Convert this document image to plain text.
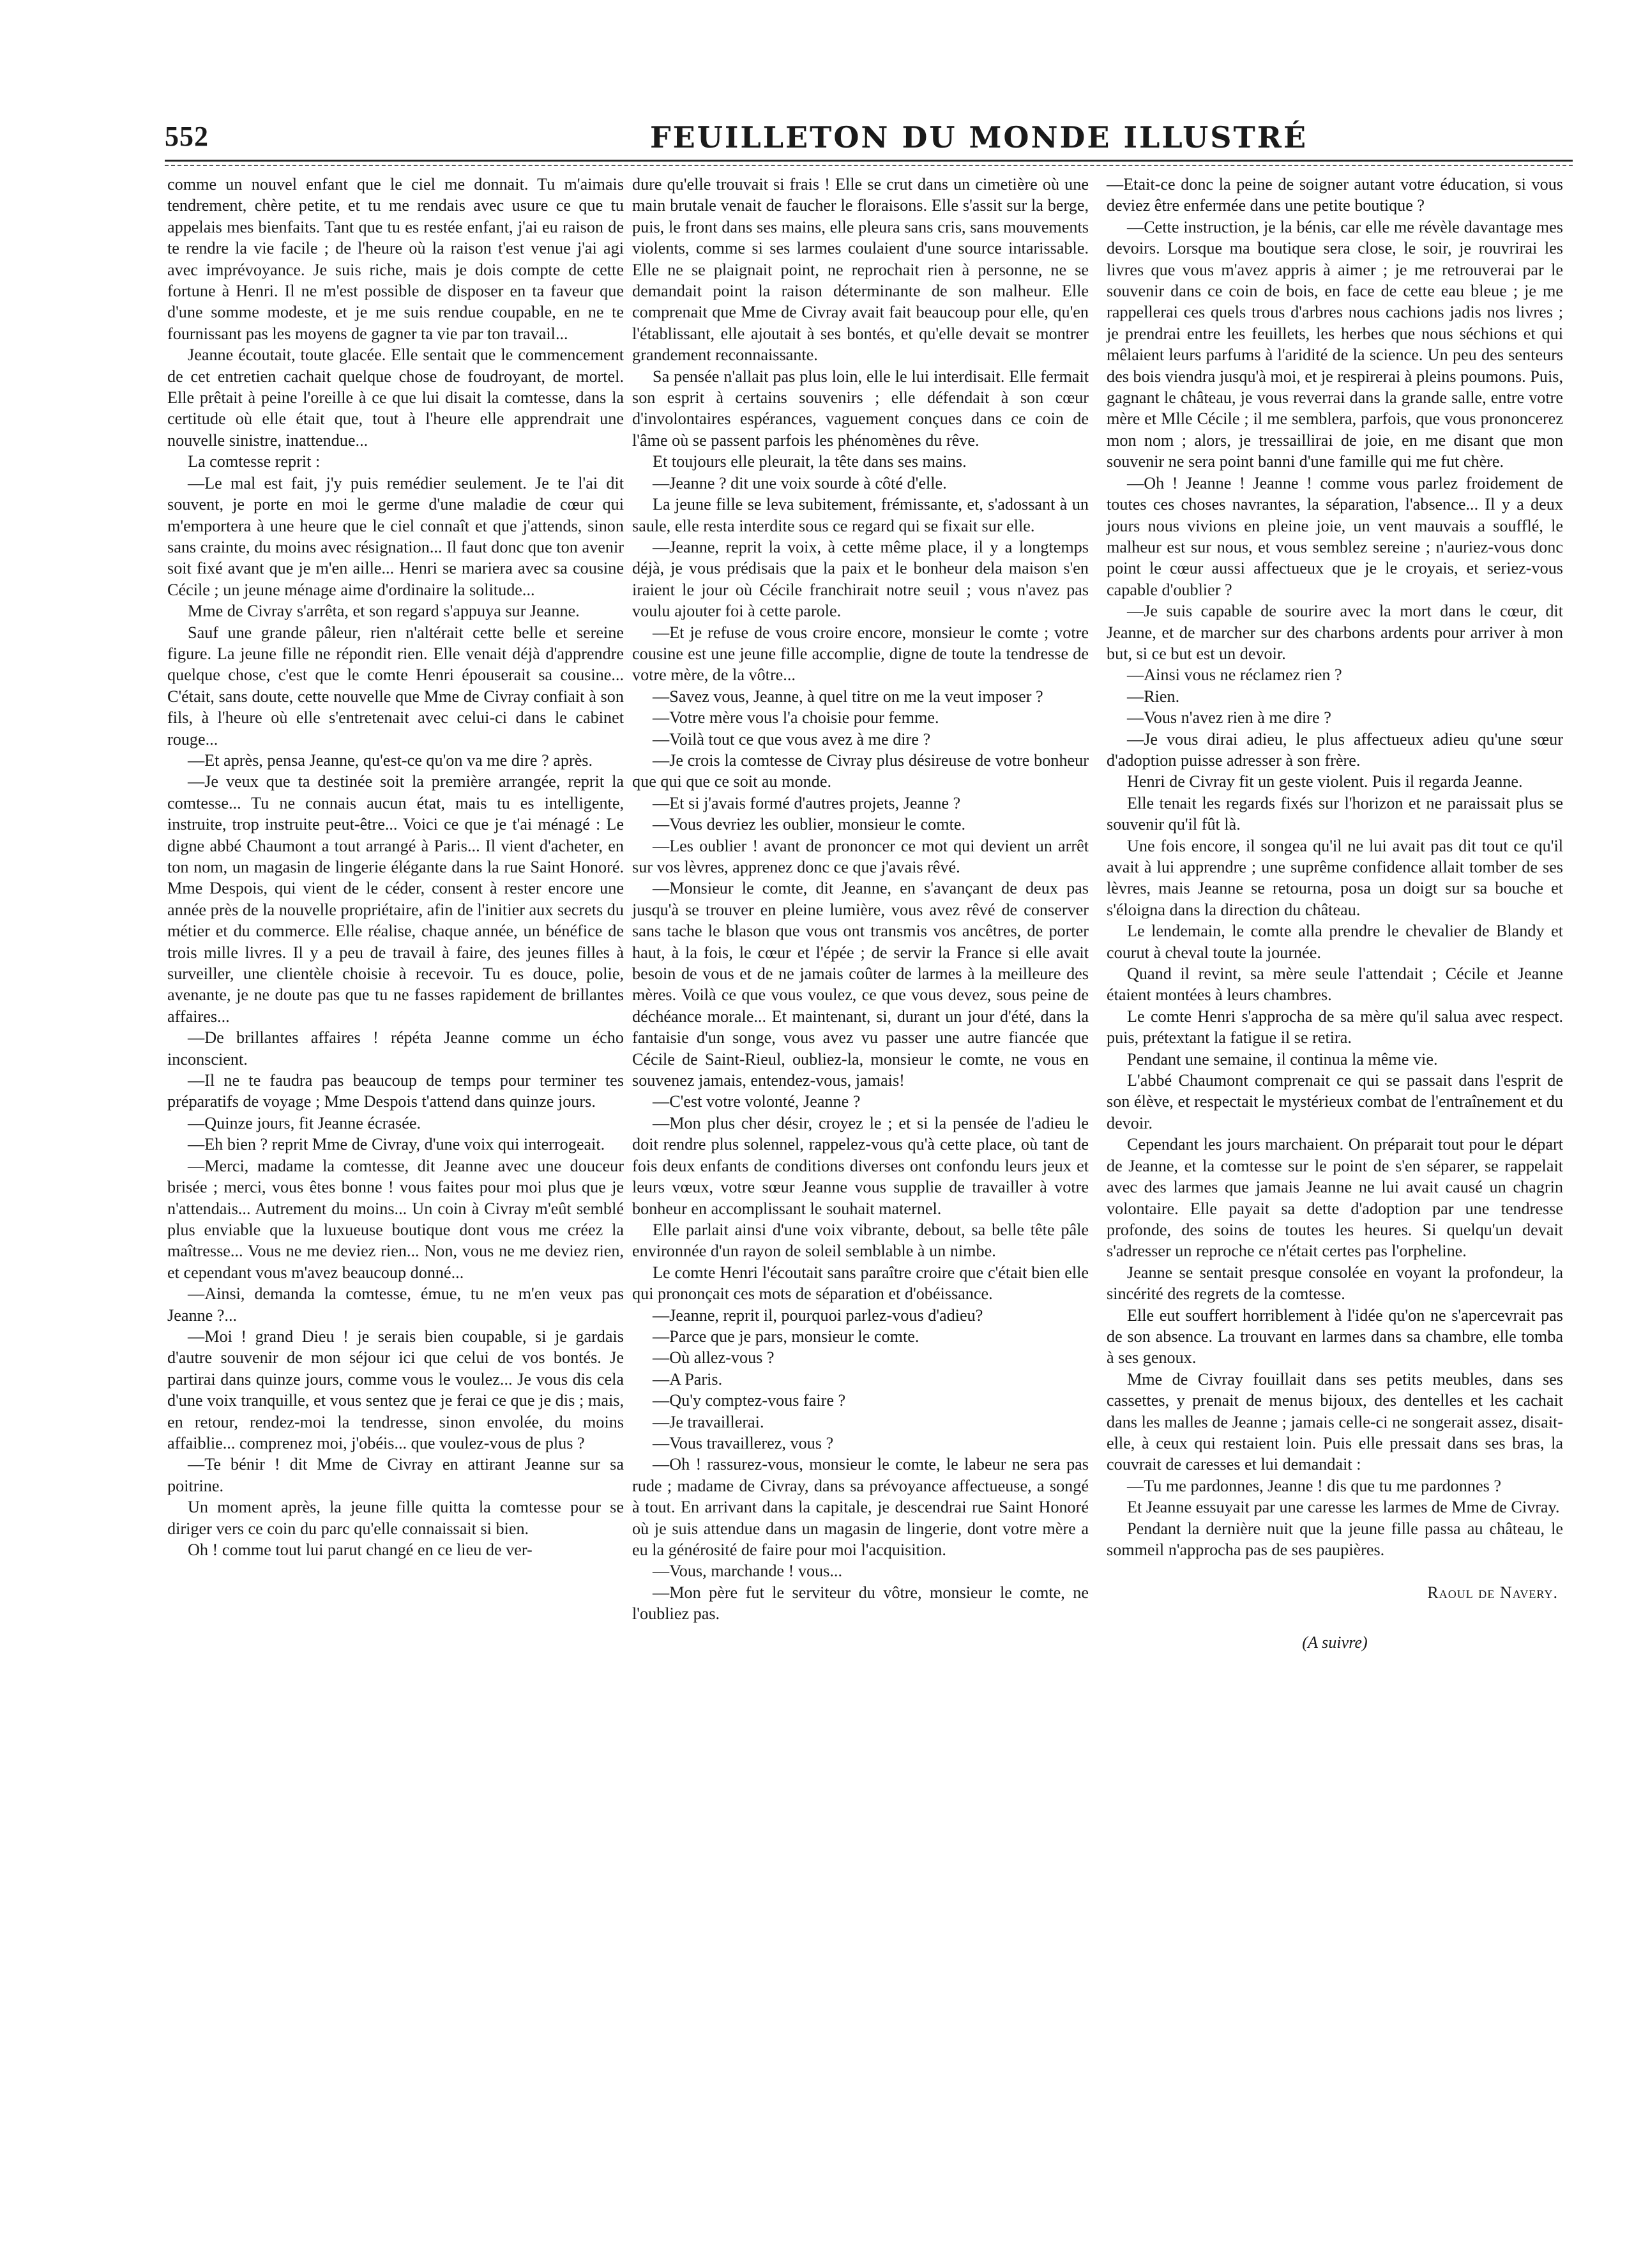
552	FEUILLETON DU MONDE ILLUSTRÉ

comme un nouvel enfant que le ciel me donnait. Tu m'aimais tendrement, chère petite, et tu me rendais avec usure ce que tu appelais mes bienfaits. Tant que tu es restée enfant, j'ai eu raison de te rendre la vie facile ; de l'heure où la raison t'est venue j'ai agi avec imprévoyance. Je suis riche, mais je dois compte de cette fortune à Henri. Il ne m'est possible de disposer en ta faveur que d'une somme modeste, et je me suis rendue coupable, en ne te fournissant pas les moyens de gagner ta vie par ton travail...

Jeanne écoutait, toute glacée. Elle sentait que le commencement de cet entretien cachait quelque chose de foudroyant, de mortel. Elle prêtait à peine l'oreille à ce que lui disait la comtesse, dans la certitude où elle était que, tout à l'heure elle apprendrait une nouvelle sinistre, inattendue...

La comtesse reprit :

—Le mal est fait, j'y puis remédier seulement. Je te l'ai dit souvent, je porte en moi le germe d'une maladie de cœur qui m'emportera à une heure que le ciel connaît et que j'attends, sinon sans crainte, du moins avec résignation... Il faut donc que ton avenir soit fixé avant que je m'en aille... Henri se mariera avec sa cousine Cécile ; un jeune ménage aime d'ordinaire la solitude...

Mme de Civray s'arrêta, et son regard s'appuya sur Jeanne.

Sauf une grande pâleur, rien n'altérait cette belle et sereine figure. La jeune fille ne répondit rien. Elle venait déjà d'apprendre quelque chose, c'est que le comte Henri épouserait sa cousine... C'était, sans doute, cette nouvelle que Mme de Civray confiait à son fils, à l'heure où elle s'entretenait avec celui-ci dans le cabinet rouge...

—Et après, pensa Jeanne, qu'est-ce qu'on va me dire ? après.

—Je veux que ta destinée soit la première arrangée, reprit la comtesse... Tu ne connais aucun état, mais tu es intelligente, instruite, trop instruite peut-être... Voici ce que je t'ai ménagé : Le digne abbé Chaumont a tout arrangé à Paris... Il vient d'acheter, en ton nom, un magasin de lingerie élégante dans la rue Saint Honoré. Mme Despois, qui vient de le céder, consent à rester encore une année près de la nouvelle propriétaire, afin de l'initier aux secrets du métier et du commerce. Elle réalise, chaque année, un bénéfice de trois mille livres. Il y a peu de travail à faire, des jeunes filles à surveiller, une clientèle choisie à recevoir. Tu es douce, polie, avenante, je ne doute pas que tu ne fasses rapidement de brillantes affaires...

—De brillantes affaires ! répéta Jeanne comme un écho inconscient.

—Il ne te faudra pas beaucoup de temps pour terminer tes préparatifs de voyage ; Mme Despois t'attend dans quinze jours.

—Quinze jours, fit Jeanne écrasée.

—Eh bien ? reprit Mme de Civray, d'une voix qui interrogeait.

—Merci, madame la comtesse, dit Jeanne avec une douceur brisée ; merci, vous êtes bonne ! vous faites pour moi plus que je n'attendais... Autrement du moins... Un coin à Civray m'eût semblé plus enviable que la luxueuse boutique dont vous me créez la maîtresse... Vous ne me deviez rien... Non, vous ne me deviez rien, et cependant vous m'avez beaucoup donné...

—Ainsi, demanda la comtesse, émue, tu ne m'en veux pas Jeanne ?...

—Moi ! grand Dieu ! je serais bien coupable, si je gardais d'autre souvenir de mon séjour ici que celui de vos bontés. Je partirai dans quinze jours, comme vous le voulez... Je vous dis cela d'une voix tranquille, et vous sentez que je ferai ce que je dis ; mais, en retour, rendez-moi la tendresse, sinon envolée, du moins affaiblie... comprenez moi, j'obéis... que voulez-vous de plus ?

—Te bénir ! dit Mme de Civray en attirant Jeanne sur sa poitrine.

Un moment après, la jeune fille quitta la comtesse pour se diriger vers ce coin du parc qu'elle connaissait si bien.

Oh ! comme tout lui parut changé en ce lieu de ver-

dure qu'elle trouvait si frais ! Elle se crut dans un cimetière où une main brutale venait de faucher le floraisons. Elle s'assit sur la berge, puis, le front dans ses mains, elle pleura sans cris, sans mouvements violents, comme si ses larmes coulaient d'une source intarissable. Elle ne se plaignait point, ne reprochait rien à personne, ne se demandait point la raison déterminante de son malheur. Elle comprenait que Mme de Civray avait fait beaucoup pour elle, qu'en l'établissant, elle ajoutait à ses bontés, et qu'elle devait se montrer grandement reconnaissante.

Sa pensée n'allait pas plus loin, elle le lui interdisait. Elle fermait son esprit à certains souvenirs ; elle défendait à son cœur d'involontaires espérances, vaguement conçues dans ce coin de l'âme où se passent parfois les phénomènes du rêve.

Et toujours elle pleurait, la tête dans ses mains.

—Jeanne ? dit une voix sourde à côté d'elle.

La jeune fille se leva subitement, frémissante, et, s'adossant à un saule, elle resta interdite sous ce regard qui se fixait sur elle.

—Jeanne, reprit la voix, à cette même place, il y a longtemps déjà, je vous prédisais que la paix et le bonheur dela maison s'en iraient le jour où Cécile franchirait notre seuil ; vous n'avez pas voulu ajouter foi à cette parole.

—Et je refuse de vous croire encore, monsieur le comte ; votre cousine est une jeune fille accomplie, digne de toute la tendresse de votre mère, de la vôtre...

—Savez vous, Jeanne, à quel titre on me la veut imposer ?

—Votre mère vous l'a choisie pour femme.

—Voilà tout ce que vous avez à me dire ?

—Je crois la comtesse de Civray plus désireuse de votre bonheur que qui que ce soit au monde.

—Et si j'avais formé d'autres projets, Jeanne ?

—Vous devriez les oublier, monsieur le comte.

—Les oublier ! avant de prononcer ce mot qui devient un arrêt sur vos lèvres, apprenez donc ce que j'avais rêvé.

—Monsieur le comte, dit Jeanne, en s'avançant de deux pas jusqu'à se trouver en pleine lumière, vous avez rêvé de conserver sans tache le blason que vous ont transmis vos ancêtres, de porter haut, à la fois, le cœur et l'épée ; de servir la France si elle avait besoin de vous et de ne jamais coûter de larmes à la meilleure des mères. Voilà ce que vous voulez, ce que vous devez, sous peine de déchéance morale... Et maintenant, si, durant un jour d'été, dans la fantaisie d'un songe, vous avez vu passer une autre fiancée que Cécile de Saint-Rieul, oubliez-la, monsieur le comte, ne vous en souvenez jamais, entendez-vous, jamais!

—C'est votre volonté, Jeanne ?

—Mon plus cher désir, croyez le ; et si la pensée de l'adieu le doit rendre plus solennel, rappelez-vous qu'à cette place, où tant de fois deux enfants de conditions diverses ont confondu leurs jeux et leurs vœux, votre sœur Jeanne vous supplie de travailler à votre bonheur en accomplissant le souhait maternel.

Elle parlait ainsi d'une voix vibrante, debout, sa belle tête pâle environnée d'un rayon de soleil semblable à un nimbe.

Le comte Henri l'écoutait sans paraître croire que c'était bien elle qui prononçait ces mots de séparation et d'obéissance.

—Jeanne, reprit il, pourquoi parlez-vous d'adieu?

—Parce que je pars, monsieur le comte.

—Où allez-vous ?

—A Paris.

—Qu'y comptez-vous faire ?

—Je travaillerai.

—Vous travaillerez, vous ?

—Oh ! rassurez-vous, monsieur le comte, le labeur ne sera pas rude ; madame de Civray, dans sa prévoyance affectueuse, a songé à tout. En arrivant dans la capitale, je descendrai rue Saint Honoré où je suis attendue dans un magasin de lingerie, dont votre mère a eu la générosité de faire pour moi l'acquisition.

—Vous, marchande ! vous...

—Mon père fut le serviteur du vôtre, monsieur le comte, ne l'oubliez pas.

—Etait-ce donc la peine de soigner autant votre éducation, si vous deviez être enfermée dans une petite boutique ?

—Cette instruction, je la bénis, car elle me révèle davantage mes devoirs. Lorsque ma boutique sera close, le soir, je rouvrirai les livres que vous m'avez appris à aimer ; je me retrouverai par le souvenir dans ce coin de bois, en face de cette eau bleue ; je me rappellerai ces quels trous d'arbres nous cachions jadis nos livres ; je prendrai entre les feuillets, les herbes que nous séchions et qui mêlaient leurs parfums à l'aridité de la science. Un peu des senteurs des bois viendra jusqu'à moi, et je respirerai à pleins poumons. Puis, gagnant le château, je vous reverrai dans la grande salle, entre votre mère et Mlle Cécile ; il me semblera, parfois, que vous prononcerez mon nom ; alors, je tressaillirai de joie, en me disant que mon souvenir ne sera point banni d'une famille qui me fut chère.

—Oh ! Jeanne ! Jeanne ! comme vous parlez froidement de toutes ces choses navrantes, la séparation, l'absence... Il y a deux jours nous vivions en pleine joie, un vent mauvais a soufflé, le malheur est sur nous, et vous semblez sereine ; n'auriez-vous donc point le cœur aussi affectueux que je le croyais, et seriez-vous capable d'oublier ?

—Je suis capable de sourire avec la mort dans le cœur, dit Jeanne, et de marcher sur des charbons ardents pour arriver à mon but, si ce but est un devoir.

—Ainsi vous ne réclamez rien ?

—Rien.

—Vous n'avez rien à me dire ?

—Je vous dirai adieu, le plus affectueux adieu qu'une sœur d'adoption puisse adresser à son frère.

Henri de Civray fit un geste violent. Puis il regarda Jeanne.

Elle tenait les regards fixés sur l'horizon et ne paraissait plus se souvenir qu'il fût là.

Une fois encore, il songea qu'il ne lui avait pas dit tout ce qu'il avait à lui apprendre ; une suprême confidence allait tomber de ses lèvres, mais Jeanne se retourna, posa un doigt sur sa bouche et s'éloigna dans la direction du château.

Le lendemain, le comte alla prendre le chevalier de Blandy et courut à cheval toute la journée.

Quand il revint, sa mère seule l'attendait ; Cécile et Jeanne étaient montées à leurs chambres.

Le comte Henri s'approcha de sa mère qu'il salua avec respect. puis, prétextant la fatigue il se retira.

Pendant une semaine, il continua la même vie.

L'abbé Chaumont comprenait ce qui se passait dans l'esprit de son élève, et respectait le mystérieux combat de l'entraînement et du devoir.

Cependant les jours marchaient. On préparait tout pour le départ de Jeanne, et la comtesse sur le point de s'en séparer, se rappelait avec des larmes que jamais Jeanne ne lui avait causé un chagrin volontaire. Elle payait sa dette d'adoption par une tendresse profonde, des soins de toutes les heures. Si quelqu'un devait s'adresser un reproche ce n'était certes pas l'orpheline.

Jeanne se sentait presque consolée en voyant la profondeur, la sincérité des regrets de la comtesse.

Elle eut souffert horriblement à l'idée qu'on ne s'apercevrait pas de son absence. La trouvant en larmes dans sa chambre, elle tomba à ses genoux.

Mme de Civray fouillait dans ses petits meubles, dans ses cassettes, y prenait de menus bijoux, des dentelles et les cachait dans les malles de Jeanne ; jamais celle-ci ne songerait assez, disait-elle, à ceux qui restaient loin. Puis elle pressait dans ses bras, la couvrait de caresses et lui demandait :

—Tu me pardonnes, Jeanne ! dis que tu me pardonnes ?

Et Jeanne essuyait par une caresse les larmes de Mme de Civray.

Pendant la dernière nuit que la jeune fille passa au château, le sommeil n'approcha pas de ses paupières.

Raoul de Navery.

(A suivre)
